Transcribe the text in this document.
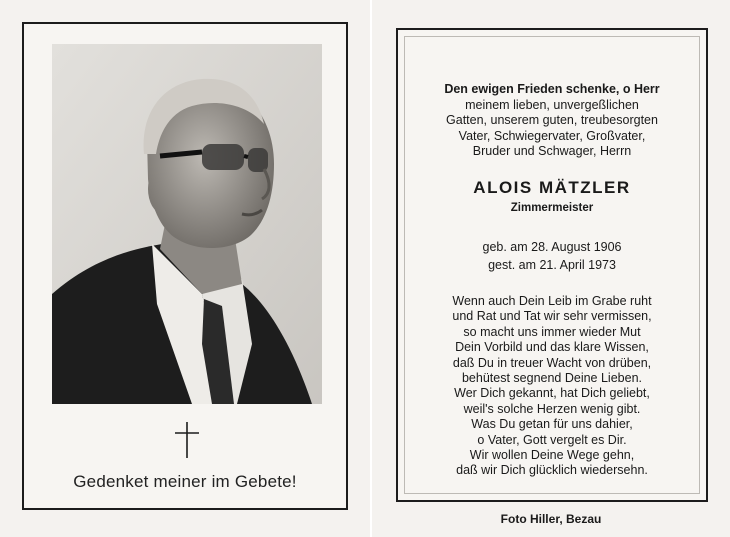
Gedenket meiner im Gebete!
Den ewigen Frieden schenke, o Herr
meinem lieben, unvergeßlichen
Gatten, unserem guten, treubesorgten
Vater, Schwiegervater, Großvater,
Bruder und Schwager, Herrn
ALOIS MÄTZLER
Zimmermeister
geb. am 28. August 1906
gest. am 21. April 1973
Wenn auch Dein Leib im Grabe ruht
und Rat und Tat wir sehr vermissen,
so macht uns immer wieder Mut
Dein Vorbild und das klare Wissen,
daß Du in treuer Wacht von drüben,
behütest segnend Deine Lieben.
Wer Dich gekannt, hat Dich geliebt,
weil's solche Herzen wenig gibt.
Was Du getan für uns dahier,
o Vater, Gott vergelt es Dir.
Wir wollen Deine Wege gehn,
daß wir Dich glücklich wiedersehn.
Foto Hiller, Bezau
